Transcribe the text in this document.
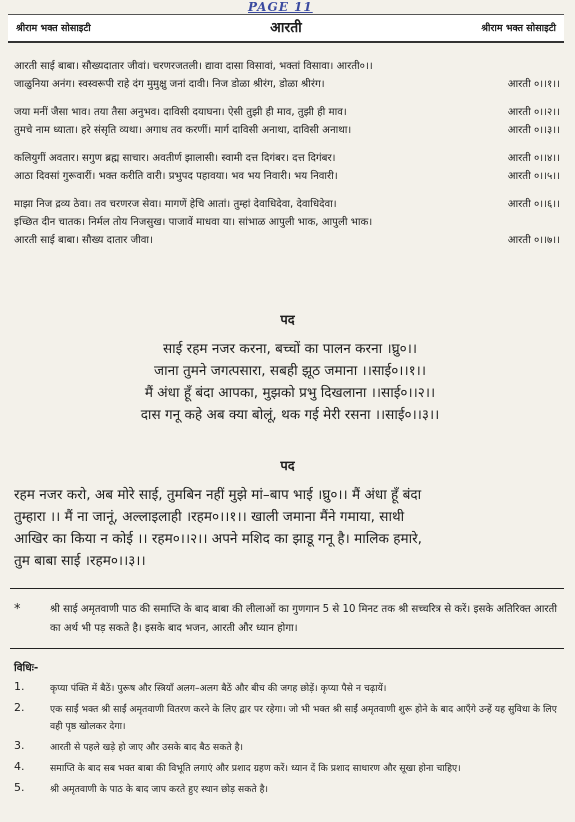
PAGE 11
श्रीराम भक्त सोसाइटी	आरती	श्रीराम भक्त सोसाइटी
आरती साई बाबा। सौख्यदातार जीवां। चरणरजतली। द्यावा दासा विसावां, भक्तां विसावा। आरती०।।
जाळुनिया अनंग। स्वस्वरूपी राहे दंग मुमुक्षु जनां दावी। निज डोळा श्रीरंग, डोळा श्रीरंग।	आरती ०।।१।।
जया मनीं जैसा भाव। तया तैसा अनुभव। दाविसी दयाघना। ऐसी तुझी ही माव, तुझी ही माव।	आरती ०।।२।।
तुमचे नाम ध्याता। हरे संसृति व्यथा। अगाध तव करणीं। मार्ग दाविसी अनाथा, दाविसी अनाथा।	आरती ०।।३।।
कलियुगीं अवतार। सगुण ब्रह्म साचार। अवतीर्ण झालासी। स्वामी दत्त दिगंबर। दत्त दिगंबर।	आरती ०।।४।।
आठा दिवसां गुरूवारीं। भक्त करीति वारी। प्रभुपद पहावया। भव भय निवारी। भय निवारी।	आरती ०।।५।।
माझा निज द्रव्य ठेवा। तव चरणरज सेवा। मागणें हेचि आतां। तुम्हां देवाधिदेवा, देवाधिदेवा।	आरती ०।।६।।
इच्छित दीन चातक। निर्मल तोय निजसुख। पाजावें माधवा या। सांभाळ आपुली भाक, आपुली भाक।
आरती साई बाबा। सौख्य दातार जीवा।	आरती ०।।७।।
पद
साई रहम नजर करना, बच्चों का पालन करना ।घ्रु०।।
जाना तुमने जगत्पसारा, सबही झूठ जमाना ।।साई०।।१।।
मैं अंधा हूँ बंदा आपका, मुझको प्रभु दिखलाना ।।साई०।।२।।
दास गनू कहे अब क्या बोलूं, थक गई मेरी रसना ।।साई०।।३।।
पद
रहम नजर करो, अब मोरे साई, तुमबिन नहीं मुझे मां–बाप भाई ।घ्रु०।। मैं अंधा हूँ बंदा
तुम्हारा ।। मैं ना जानूं, अल्लाइलाही ।रहम०।।१।। खाली जमाना मैंने गमाया, साथी
आखिर का किया न कोई ।। रहम०।।२।। अपने मशिद का झाडू गनू है। मालिक हमारे,
तुम बाबा साई ।रहम०।।३।।
*	श्री साई अमृतवाणी पाठ की समाप्ति के बाद बाबा की लीलाओं का गुणगान 5 से 10 मिनट तक श्री सच्चरित्र से करें। इसके अतिरिक्त आरती का अर्थ भी पड़ सकते है। इसके बाद भजन, आरती और ध्यान होगा।
विधिः-
1.	कृप्या पंक्ति में बैठें। पुरूष और स्त्रियाँ अलग–अलग बैठें और बीच की जगह छोड़ें। कृप्या पैसे न चढ़ायें।
2.	एक साईं भक्त श्री साईं अमृतवाणी वितरण करने के लिए द्वार पर रहेगा। जो भी भक्त श्री साईं अमृतवाणी शुरू होने के बाद आएँगे उन्हें यह सुविधा के लिए वही पृष्ठ खोलकर देगा।
3.	आरती से पहले खड़े हो जाए और उसके बाद बैठ सकते है।
4.	समाप्ति के बाद सब भक्त बाबा की विभूति लगाएं और प्रशाद ग्रहण करें। ध्यान दें कि प्रशाद साधारण और सूखा होना चाहिए।
5.	श्री अमृतवाणी के पाठ के बाद जाप करते हुए स्थान छोड़ सकते है।
